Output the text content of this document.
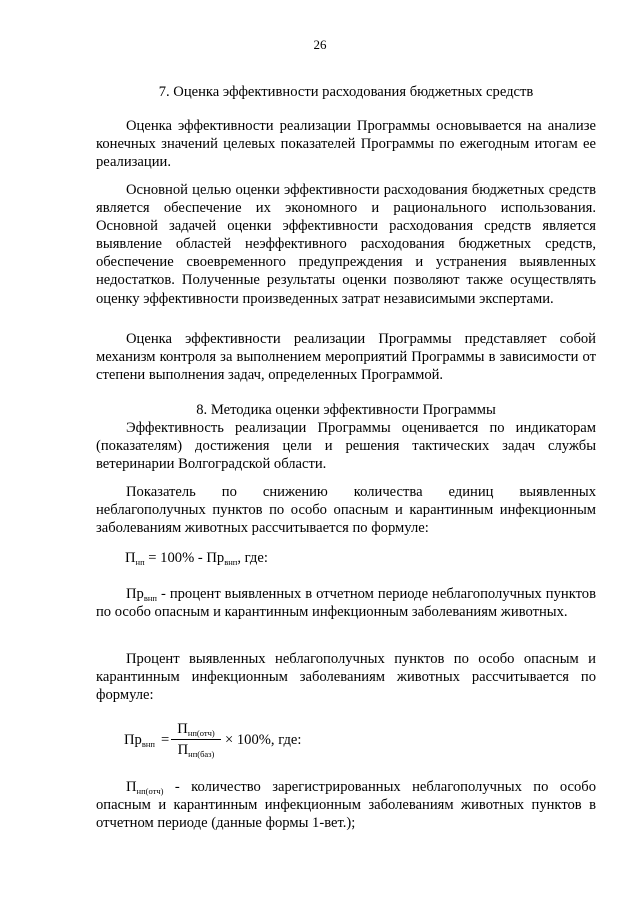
26
7. Оценка эффективности расходования бюджетных средств

Оценка эффективности реализации Программы основывается на анализе конечных значений целевых показателей Программы по ежегодным итогам ее реализации.

Основной целью оценки эффективности расходования бюджетных средств является обеспечение их экономного и рационального использования. Основной задачей оценки эффективности расходования средств является выявление областей неэффективного расходования бюджетных средств, обеспечение своевременного предупреждения и устранения выявленных недостатков. Полученные результаты оценки позволяют также осуществлять оценку эффективности произведенных затрат независимыми экспертами.

Оценка эффективности реализации Программы представляет собой механизм контроля за выполнением мероприятий Программы в зависимости от степени выполнения задач, определенных Программой.

8. Методика оценки эффективности Программы

Эффективность реализации Программы оценивается по индикаторам (показателям) достижения цели и решения тактических задач службы ветеринарии Волгоградской области.

Показатель по снижению количества единиц выявленных неблагополучных пунктов по особо опасным и карантинным инфекционным заболеваниям животных рассчитывается по формуле:

$П_{нп} = 100\% - Пр_{внп}$, где:

$Пр_{внп}$ - процент выявленных в отчетном периоде неблагополучных пунктов по особо опасным и карантинным инфекционным заболеваниям животных.

Процент выявленных неблагополучных пунктов по особо опасным и карантинным инфекционным заболеваниям животных рассчитывается по формуле:

$Пр_{внп}$ =
$П_{нп(отч)}$
$П_{нп(баз)}$
× 100%, где:

$П_{нп(отч)}$ - количество зарегистрированных неблагополучных по особо опасным и карантинным инфекционным заболеваниям животных пунктов в отчетном периоде (данные формы 1-вет.);
